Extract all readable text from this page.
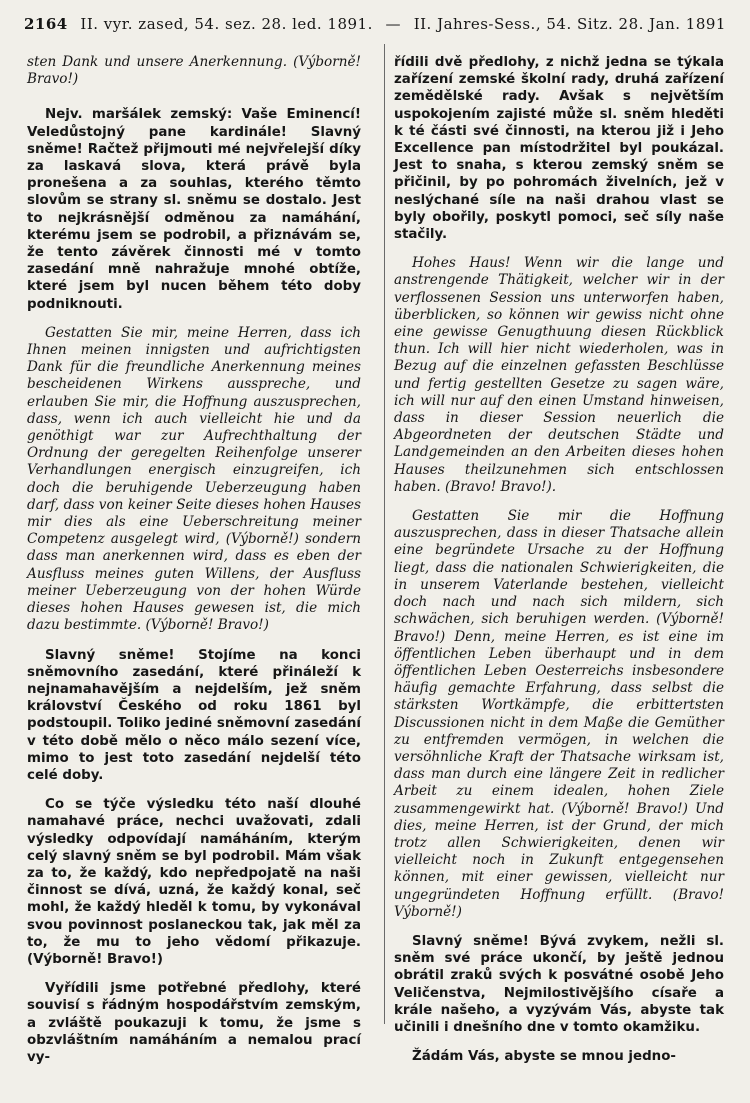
2164 II. vyr. zased, 54. sez. 28. led. 1891. — II. Jahres-Sess., 54. Sitz. 28. Jan. 1891

sten Dank und unsere Anerkennung. (Výborně! Bravo!)

Nejv. maršálek zemský: Vaše Eminencí! Veledůstojný pane kardinále! Slavný sněme! Račtež přijmouti mé nejvřelejší díky za laskavá slova, která právě byla pronešena a za souhlas, kterého těmto slovům se strany sl. sněmu se dostalo. Jest to nejkrásnější odměnou za namáhání, kterému jsem se podrobil, a přiznávám se, že tento závěrek činnosti mé v tomto zasedání mně nahražuje mnohé obtíže, které jsem byl nucen během této doby podniknouti.

Gestatten Sie mir, meine Herren, dass ich Ihnen meinen innigsten und aufrichtigsten Dank für die freundliche Anerkennung meines bescheidenen Wirkens ausspreche, und erlauben Sie mir, die Hoffnung auszusprechen, dass, wenn ich auch vielleicht hie und da genöthigt war zur Aufrechthaltung der Ordnung der geregelten Reihenfolge unserer Verhandlungen energisch einzugreifen, ich doch die beruhigende Ueberzeugung haben darf, dass von keiner Seite dieses hohen Hauses mir dies als eine Ueberschreitung meiner Competenz ausgelegt wird, (Výborně!) sondern dass man anerkennen wird, dass es eben der Ausfluss meines guten Willens, der Ausfluss meiner Ueberzeugung von der hohen Würde dieses hohen Hauses gewesen ist, die mich dazu bestimmte. (Výborně! Bravo!)

Slavný sněme! Stojíme na konci sněmovního zasedání, které přináleží k nejnamahavějším a nejdelším, jež sněm království Českého od roku 1861 byl podstoupil. Toliko jediné sněmovní zasedání v této době mělo o něco málo sezení více, mimo to jest toto zasedání nejdelší této celé doby.

Co se týče výsledku této naší dlouhé namahavé práce, nechci uvažovati, zdali výsledky odpovídají namáháním, kterým celý slavný sněm se byl podrobil. Mám však za to, že každý, kdo nepředpojatě na naši činnost se dívá, uzná, že každý konal, seč mohl, že každý hleděl k tomu, by vykonával svou povinnost poslaneckou tak, jak měl za to, že mu to jeho vědomí přikazuje. (Výborně! Bravo!)

Vyřídili jsme potřebné předlohy, které souvisí s řádným hospodářstvím zemským, a zvláště poukazuji k tomu, že jsme s obzvláštním namáháním a nemalou prací vy-

řídili dvě předlohy, z nichž jedna se týkala zařízení zemské školní rady, druhá zařízení zemědělské rady. Avšak s největším uspokojením zajisté může sl. sněm hleděti k té části své činnosti, na kterou již i Jeho Excellence pan místodržitel byl poukázal. Jest to snaha, s kterou zemský sněm se přičinil, by po pohromách živelních, jež v neslýchané síle na naši drahou vlast se byly obořily, poskytl pomoci, seč síly naše stačily.

Hohes Haus! Wenn wir die lange und anstrengende Thätigkeit, welcher wir in der verflossenen Session uns unterworfen haben, überblicken, so können wir gewiss nicht ohne eine gewisse Genugthuung diesen Rückblick thun. Ich will hier nicht wiederholen, was in Bezug auf die einzelnen gefassten Beschlüsse und fertig gestellten Gesetze zu sagen wäre, ich will nur auf den einen Umstand hinweisen, dass in dieser Session neuerlich die Abgeordneten der deutschen Städte und Landgemeinden an den Arbeiten dieses hohen Hauses theilzunehmen sich entschlossen haben. (Bravo! Bravo!).

Gestatten Sie mir die Hoffnung auszusprechen, dass in dieser Thatsache allein eine begründete Ursache zu der Hoffnung liegt, dass die nationalen Schwierigkeiten, die in unserem Vaterlande bestehen, vielleicht doch nach und nach sich mildern, sich schwächen, sich beruhigen werden. (Výborně! Bravo!) Denn, meine Herren, es ist eine im öffentlichen Leben überhaupt und in dem öffentlichen Leben Oesterreichs insbesondere häufig gemachte Erfahrung, dass selbst die stärksten Wortkämpfe, die erbittertsten Discussionen nicht in dem Maße die Gemüther zu entfremden vermögen, in welchen die versöhnliche Kraft der Thatsache wirksam ist, dass man durch eine längere Zeit in redlicher Arbeit zu einem idealen, hohen Ziele zusammengewirkt hat. (Výborně! Bravo!) Und dies, meine Herren, ist der Grund, der mich trotz allen Schwierigkeiten, denen wir vielleicht noch in Zukunft entgegensehen können, mit einer gewissen, vielleicht nur ungegründeten Hoffnung erfüllt. (Bravo! Výborně!)

Slavný sněme! Bývá zvykem, nežli sl. sněm své práce ukončí, by ještě jednou obrátil zraků svých k posvátné osobě Jeho Veličenstva, Nejmilostivějšího císaře a krále našeho, a vyzývám Vás, abyste tak učinili i dnešního dne v tomto okamžiku.

Žádám Vás, abyste se mnou jedno-
